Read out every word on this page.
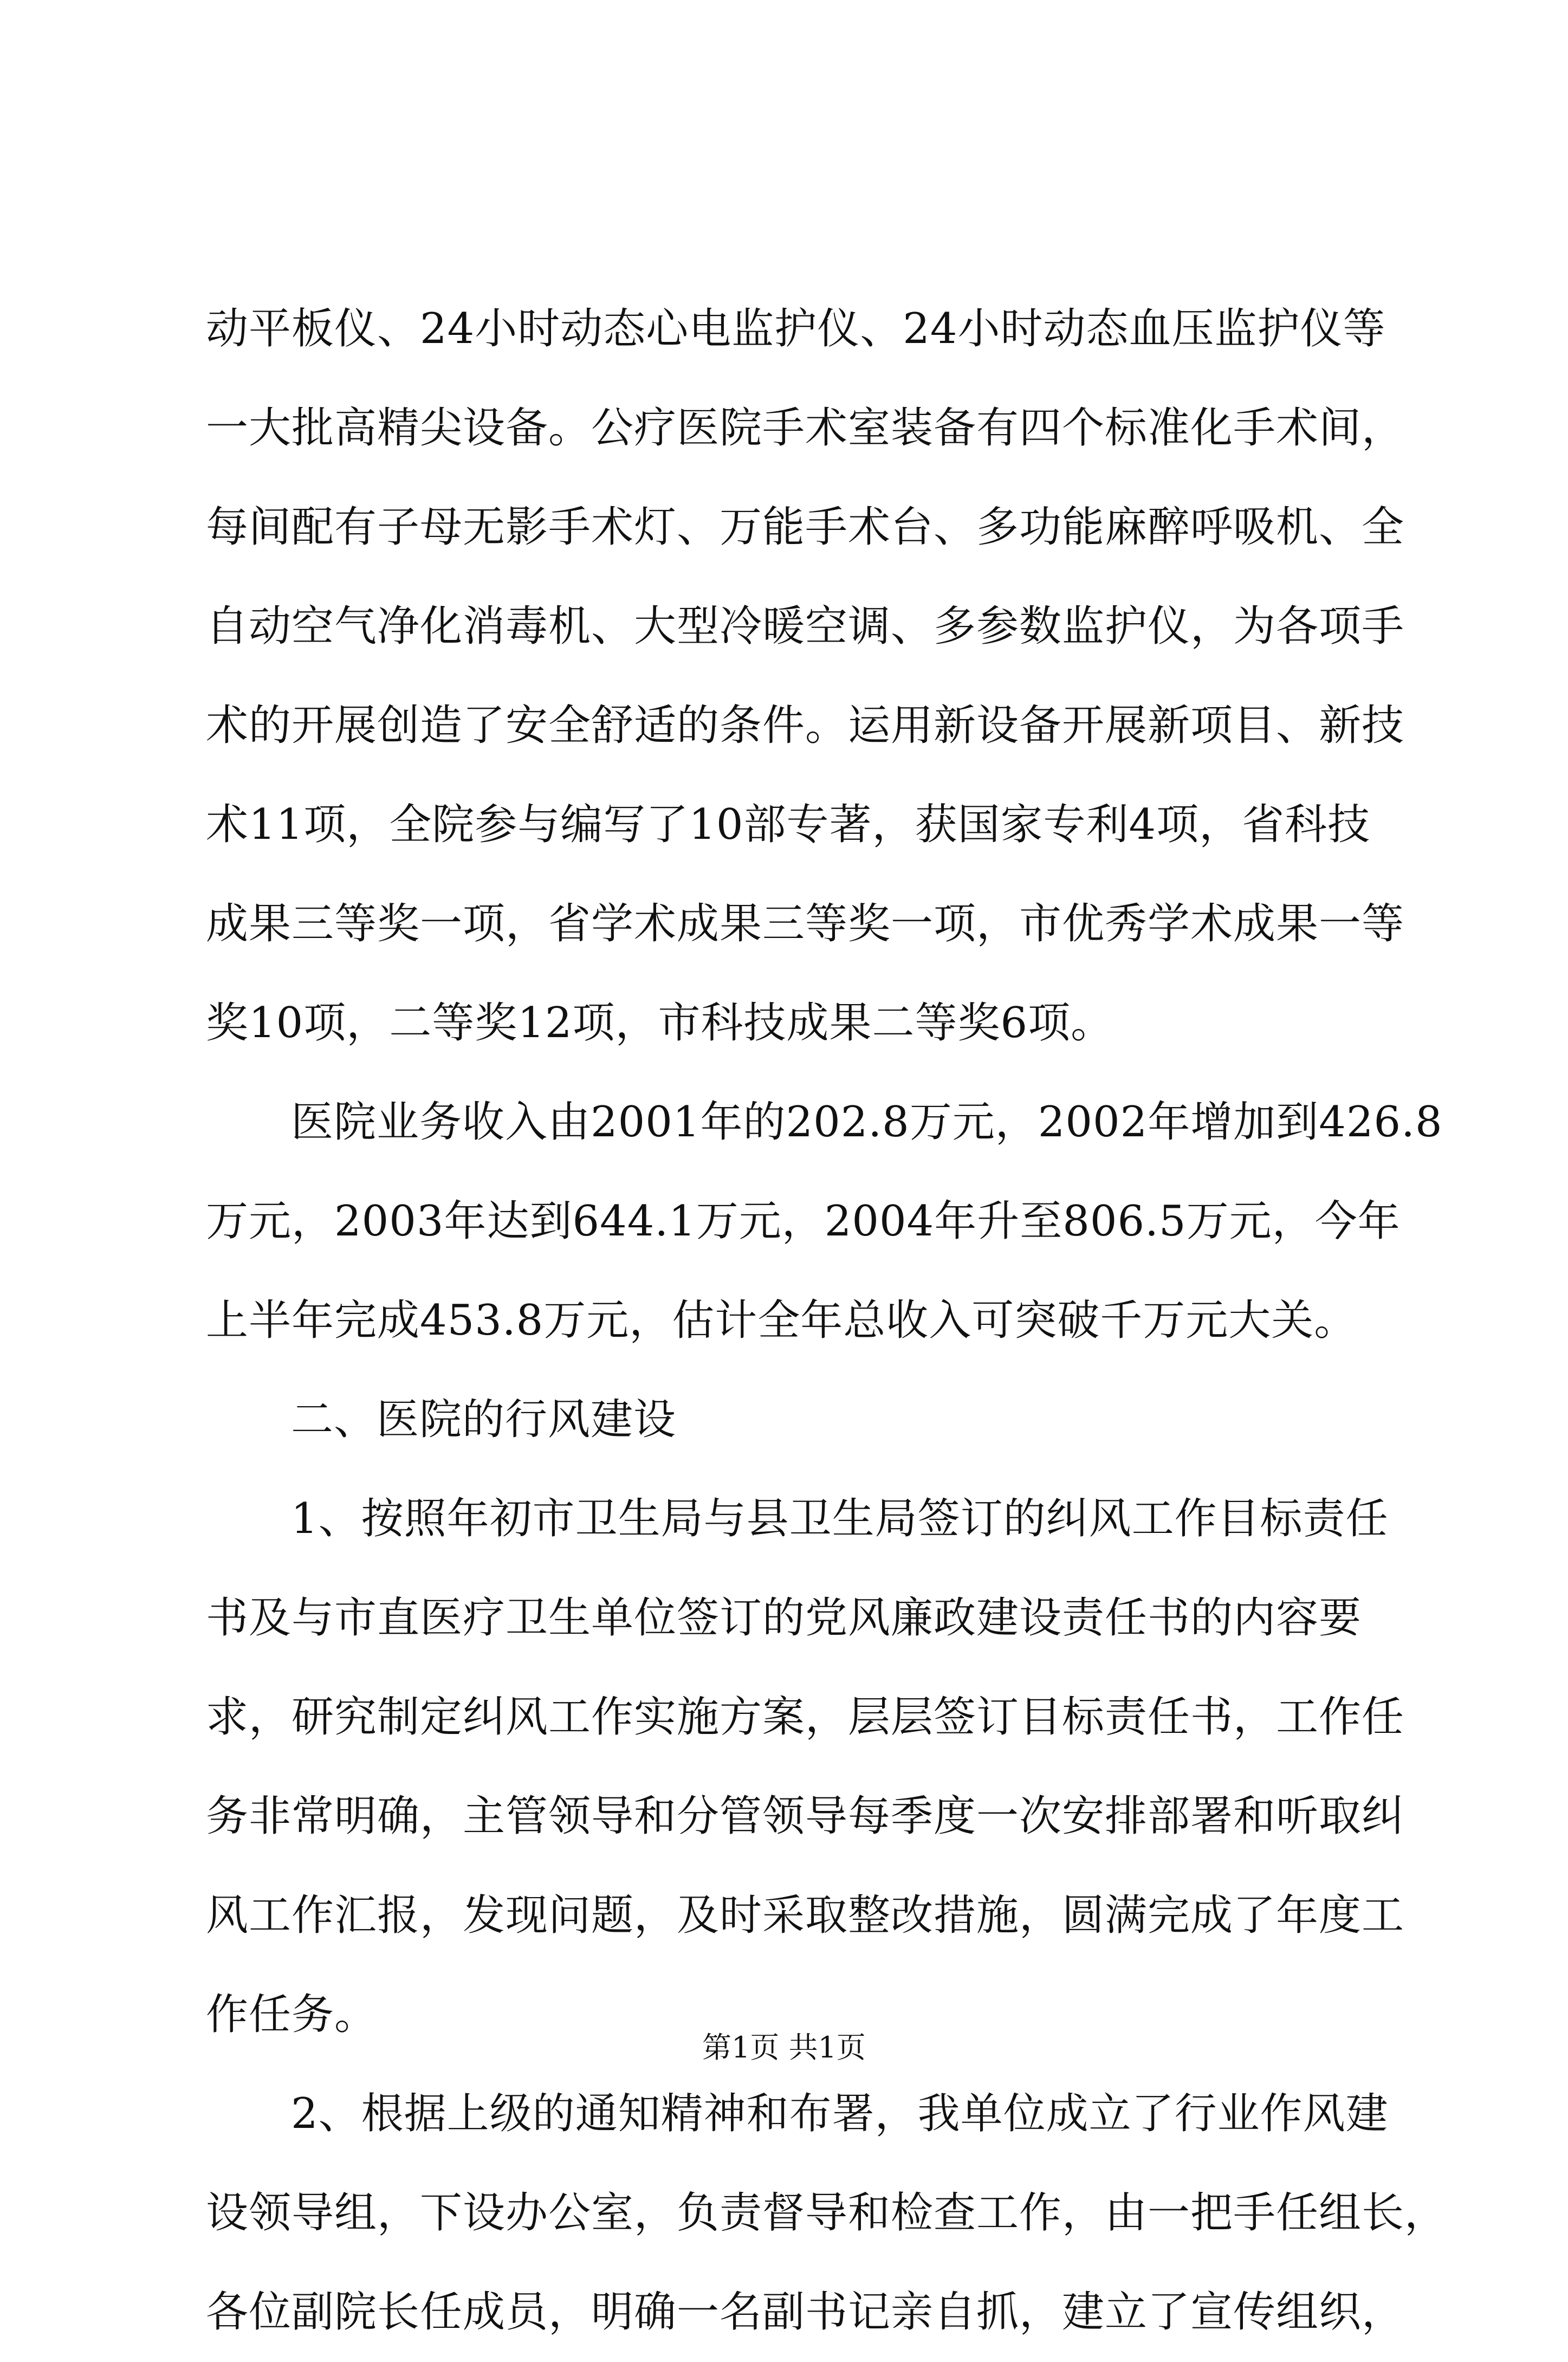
动平板仪、24小时动态心电监护仪、24小时动态血压监护仪等
一大批高精尖设备。公疗医院手术室装备有四个标准化手术间，
每间配有子母无影手术灯、万能手术台、多功能麻醉呼吸机、全
自动空气净化消毒机、大型冷暖空调、多参数监护仪，为各项手
术的开展创造了安全舒适的条件。运用新设备开展新项目、新技
术11项，全院参与编写了10部专著，获国家专利4项，省科技
成果三等奖一项，省学术成果三等奖一项，市优秀学术成果一等
奖10项，二等奖12项，市科技成果二等奖6项。
医院业务收入由2001年的202.8万元，2002年增加到426.8
万元，2003年达到644.1万元，2004年升至806.5万元，今年
上半年完成453.8万元，估计全年总收入可突破千万元大关。
二、医院的行风建设
1、按照年初市卫生局与县卫生局签订的纠风工作目标责任
书及与市直医疗卫生单位签订的党风廉政建设责任书的内容要
求，研究制定纠风工作实施方案，层层签订目标责任书，工作任
务非常明确，主管领导和分管领导每季度一次安排部署和听取纠
风工作汇报，发现问题，及时采取整改措施，圆满完成了年度工
作任务。
2、根据上级的通知精神和布署，我单位成立了行业作风建
设领导组，下设办公室，负责督导和检查工作，由一把手任组长，
各位副院长任成员，明确一名副书记亲自抓，建立了宣传组织，
第1页 共1页
